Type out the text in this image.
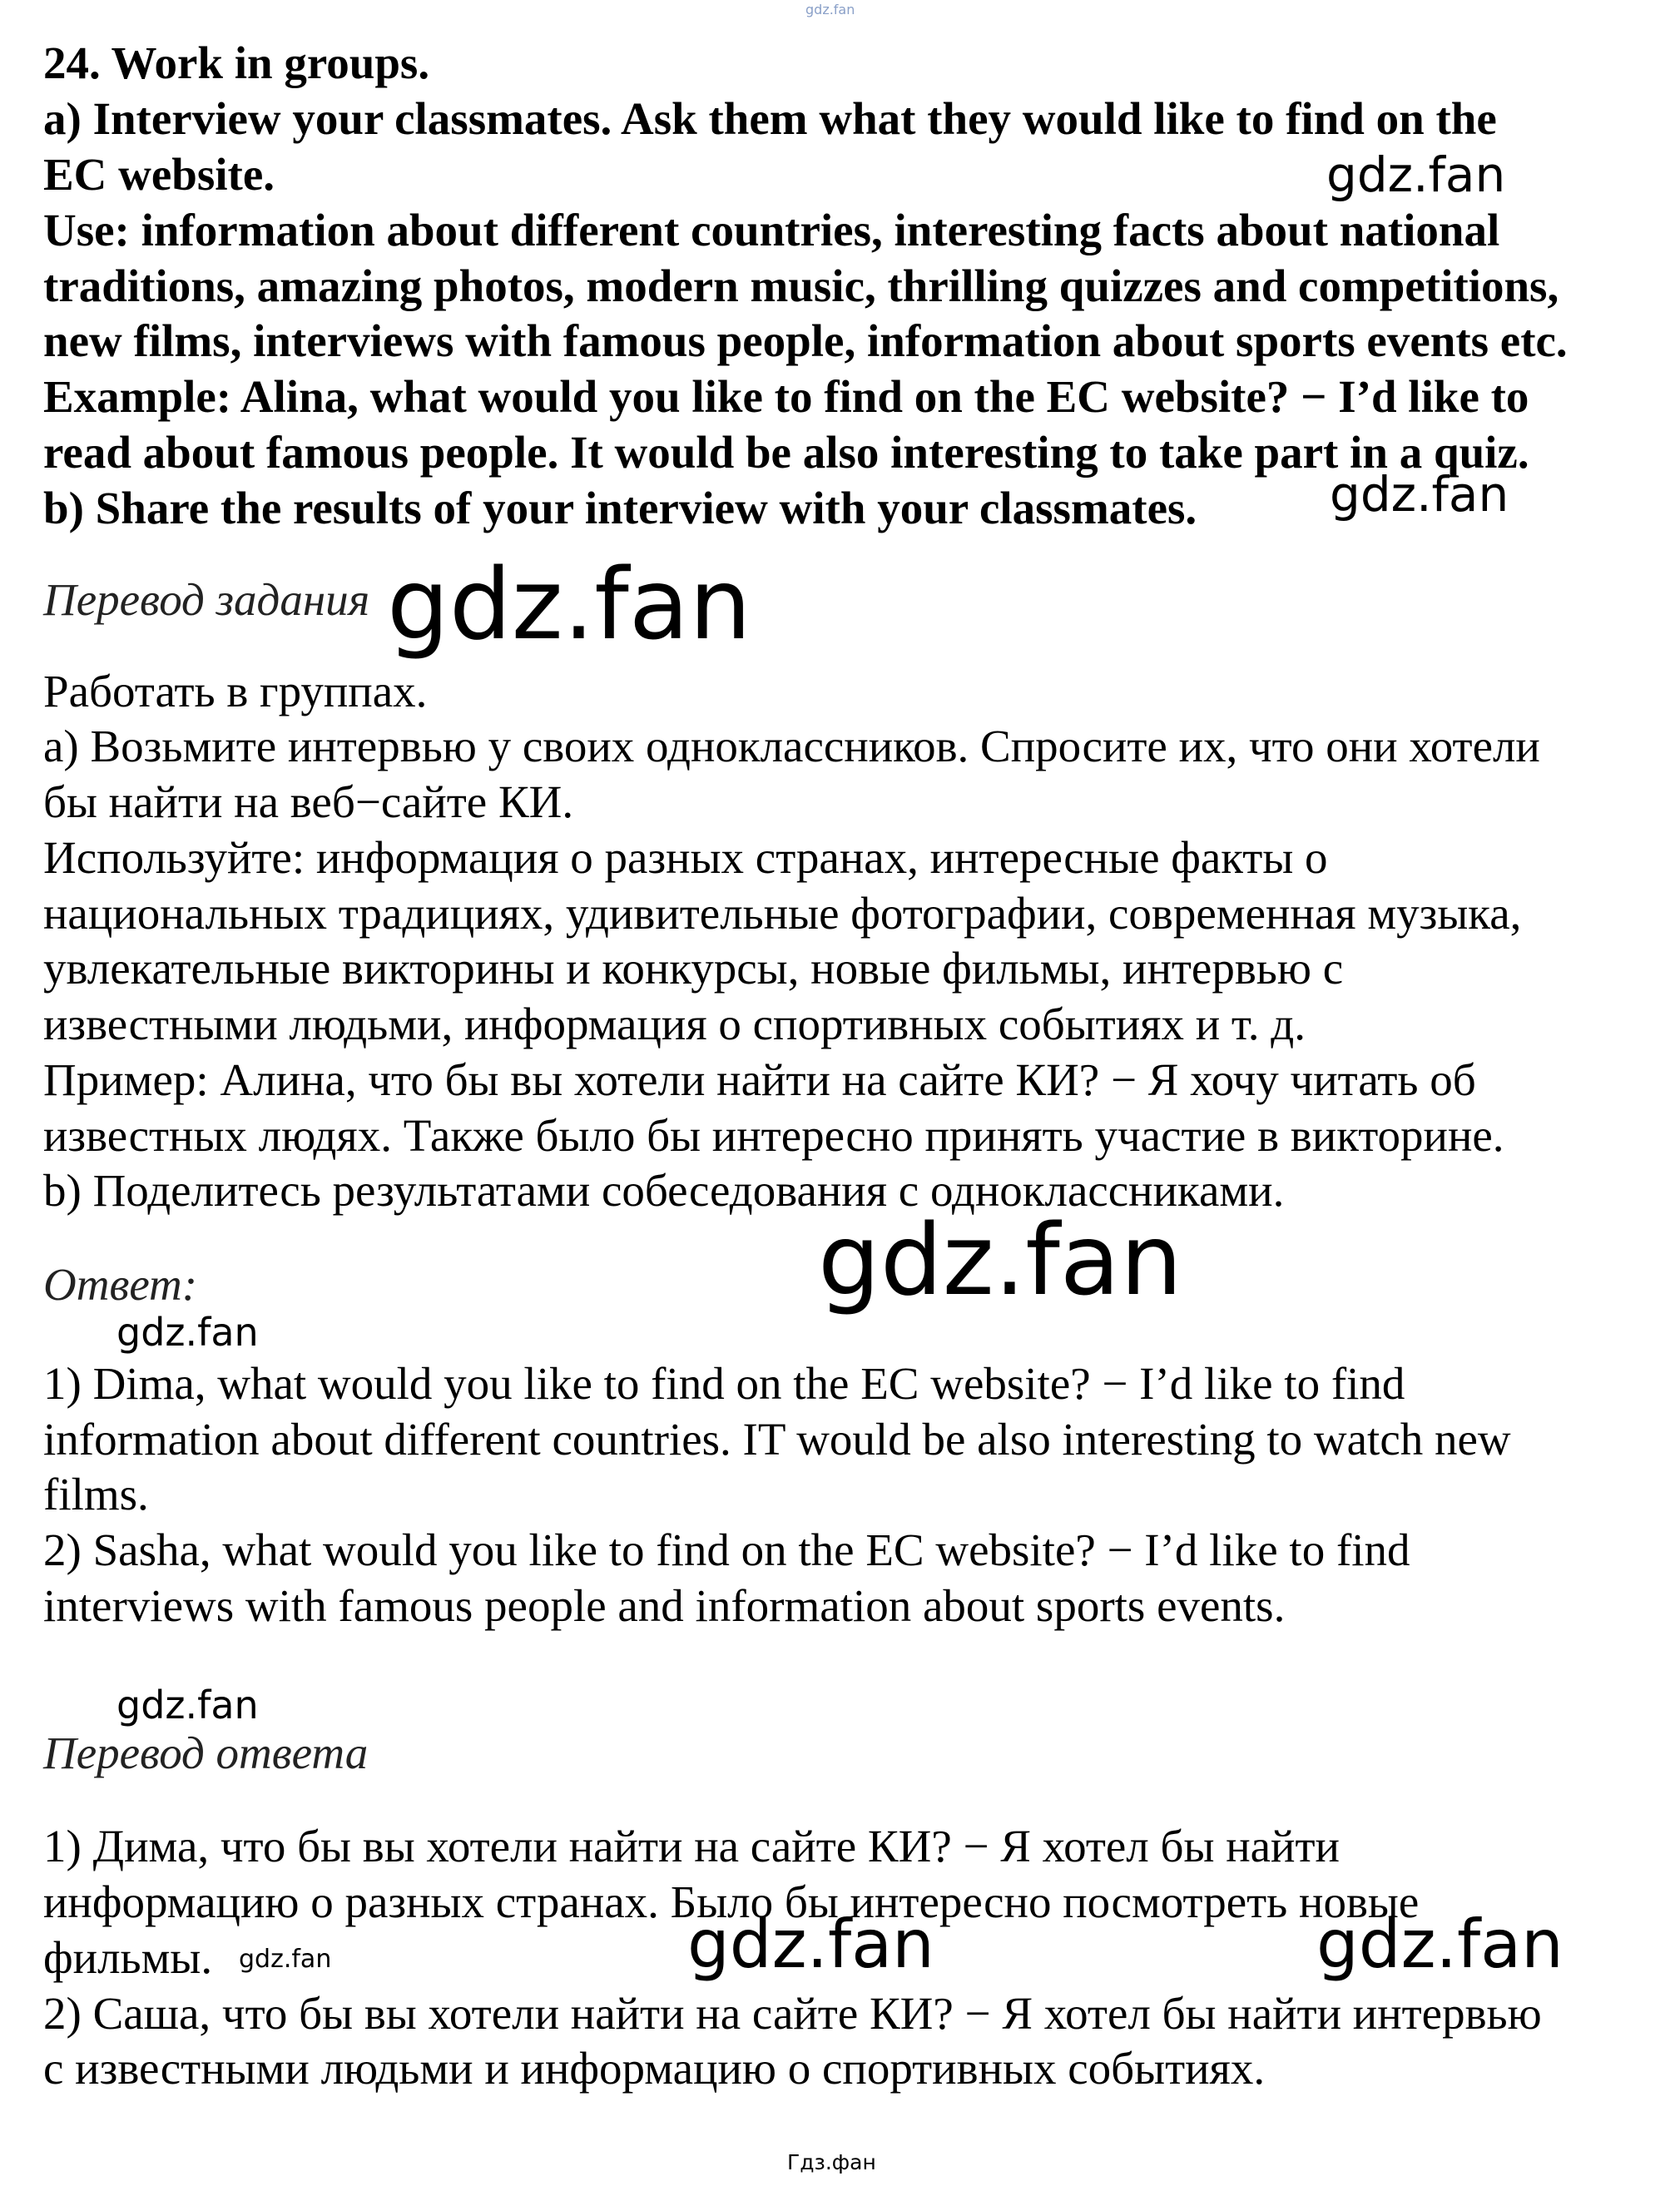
gdz.fan
24. Work in groups.
a) Interview your classmates. Ask them what they would like to find on the
EC website.
Use: information about different countries, interesting facts about national
traditions, amazing photos, modern music, thrilling quizzes and competitions,
new films, interviews with famous people, information about sports events etc.
Example: Alina, what would you like to find on the EC website? − I’d like to
read about famous people. It would be also interesting to take part in a quiz.
b) Share the results of your interview with your classmates.
gdz.fan
gdz.fan
Перевод задания gdz.fan
Работать в группах.
a) Возьмите интервью у своих одноклассников. Спросите их, что они хотели
бы найти на веб−сайте КИ.
Используйте: информация о разных странах, интересные факты о
национальных традициях, удивительные фотографии, современная музыка,
увлекательные викторины и конкурсы, новые фильмы, интервью с
известными людьми, информация о спортивных событиях и т. д.
Пример: Алина, что бы вы хотели найти на сайте КИ? − Я хочу читать об
известных людях. Также было бы интересно принять участие в викторине.
b) Поделитесь результатами собеседования с одноклассниками.
Ответ:	gdz.fan
gdz.fan
1) Dima, what would you like to find on the EC website? − I’d like to find
information about different countries. IT would be also interesting to watch new
films.
2) Sasha, what would you like to find on the EC website? − I’d like to find
interviews with famous people and information about sports events.
gdz.fan
Перевод ответа
1) Дима, что бы вы хотели найти на сайте КИ? − Я хотел бы найти
информацию о разных странах. Было бы интересно посмотреть новые
фильмы.
2) Саша, что бы вы хотели найти на сайте КИ? − Я хотел бы найти интервью
с известными людьми и информацию о спортивных событиях.
gdz.fan	gdz.fan	gdz.fan
Гдз.фан
